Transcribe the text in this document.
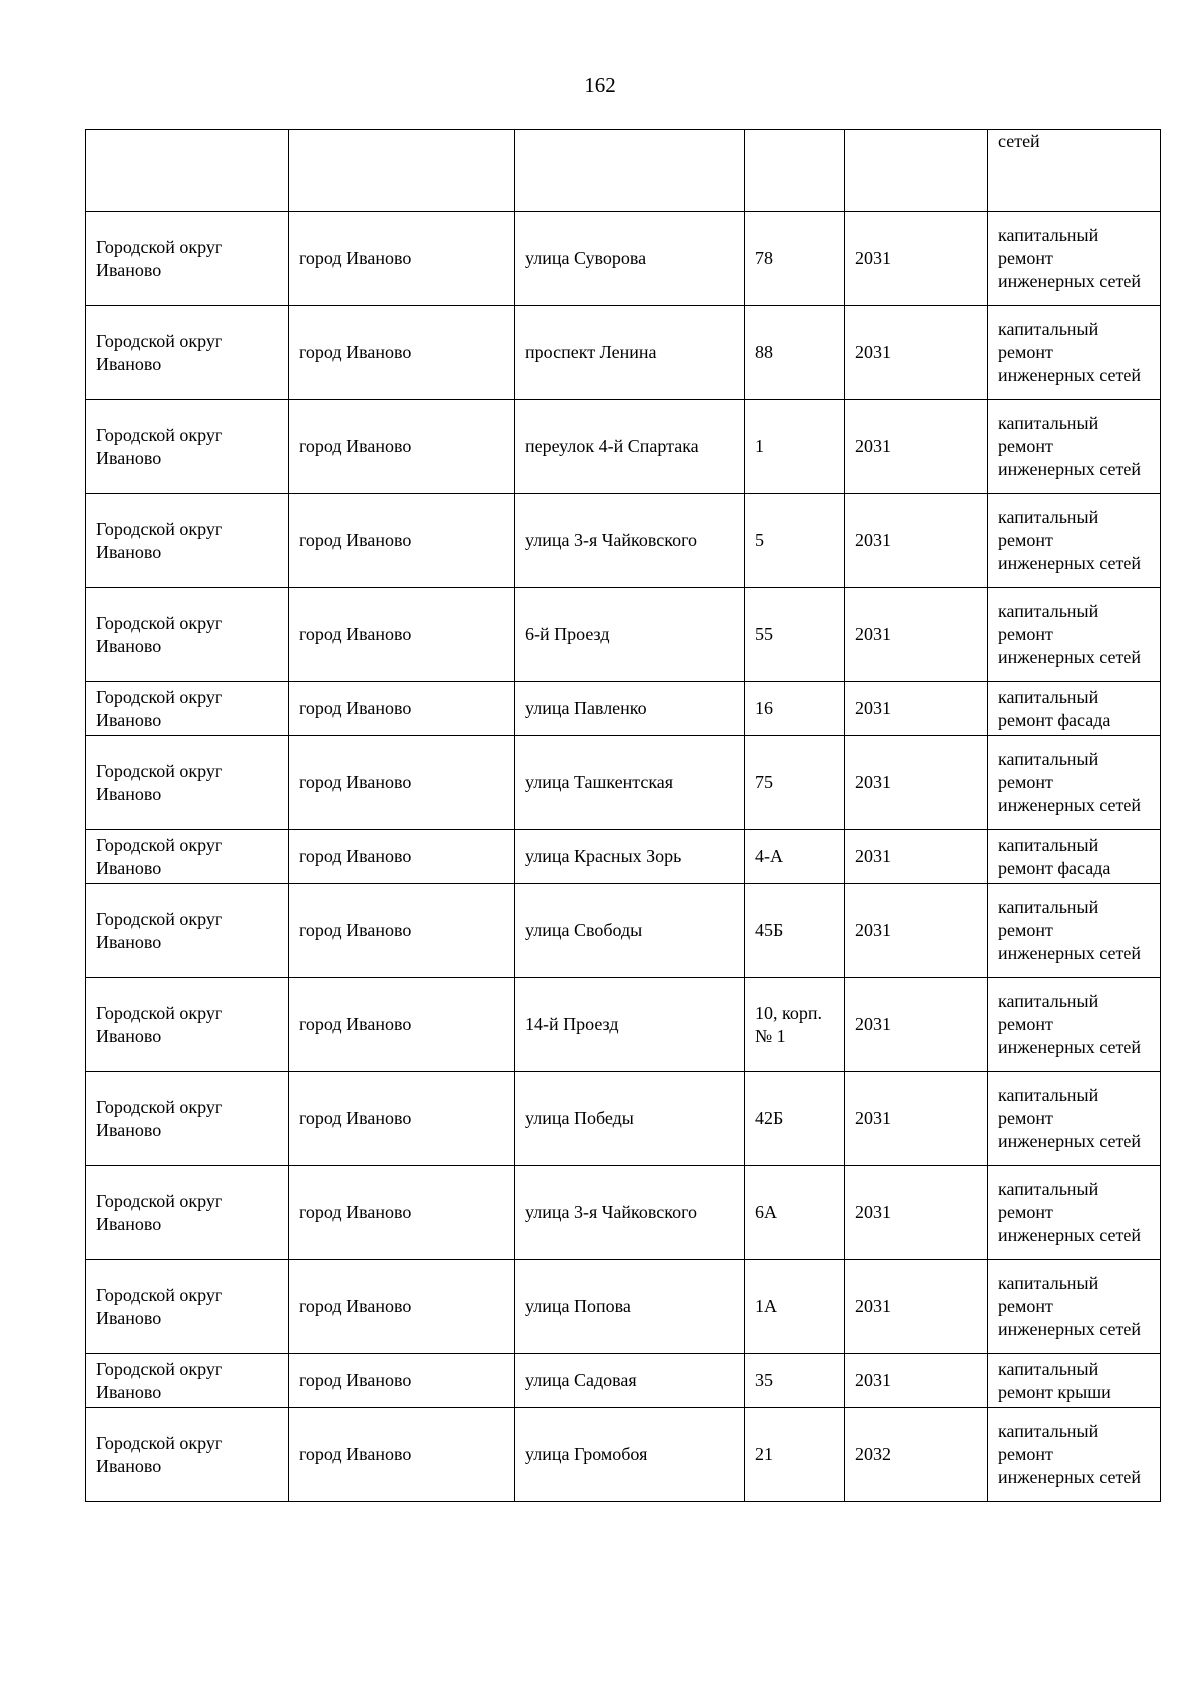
162
					сетей
Городской округ Иваново	город Иваново	улица Суворова	78	2031	капитальный ремонт инженерных сетей
Городской округ Иваново	город Иваново	проспект Ленина	88	2031	капитальный ремонт инженерных сетей
Городской округ Иваново	город Иваново	переулок 4-й Спартака	1	2031	капитальный ремонт инженерных сетей
Городской округ Иваново	город Иваново	улица 3-я Чайковского	5	2031	капитальный ремонт инженерных сетей
Городской округ Иваново	город Иваново	6-й Проезд	55	2031	капитальный ремонт инженерных сетей
Городской округ Иваново	город Иваново	улица Павленко	16	2031	капитальный ремонт фасада
Городской округ Иваново	город Иваново	улица Ташкентская	75	2031	капитальный ремонт инженерных сетей
Городской округ Иваново	город Иваново	улица Красных Зорь	4-А	2031	капитальный ремонт фасада
Городской округ Иваново	город Иваново	улица Свободы	45Б	2031	капитальный ремонт инженерных сетей
Городской округ Иваново	город Иваново	14-й Проезд	10, корп. № 1	2031	капитальный ремонт инженерных сетей
Городской округ Иваново	город Иваново	улица Победы	42Б	2031	капитальный ремонт инженерных сетей
Городской округ Иваново	город Иваново	улица 3-я Чайковского	6А	2031	капитальный ремонт инженерных сетей
Городской округ Иваново	город Иваново	улица Попова	1А	2031	капитальный ремонт инженерных сетей
Городской округ Иваново	город Иваново	улица Садовая	35	2031	капитальный ремонт крыши
Городской округ Иваново	город Иваново	улица Громобоя	21	2032	капитальный ремонт инженерных сетей
